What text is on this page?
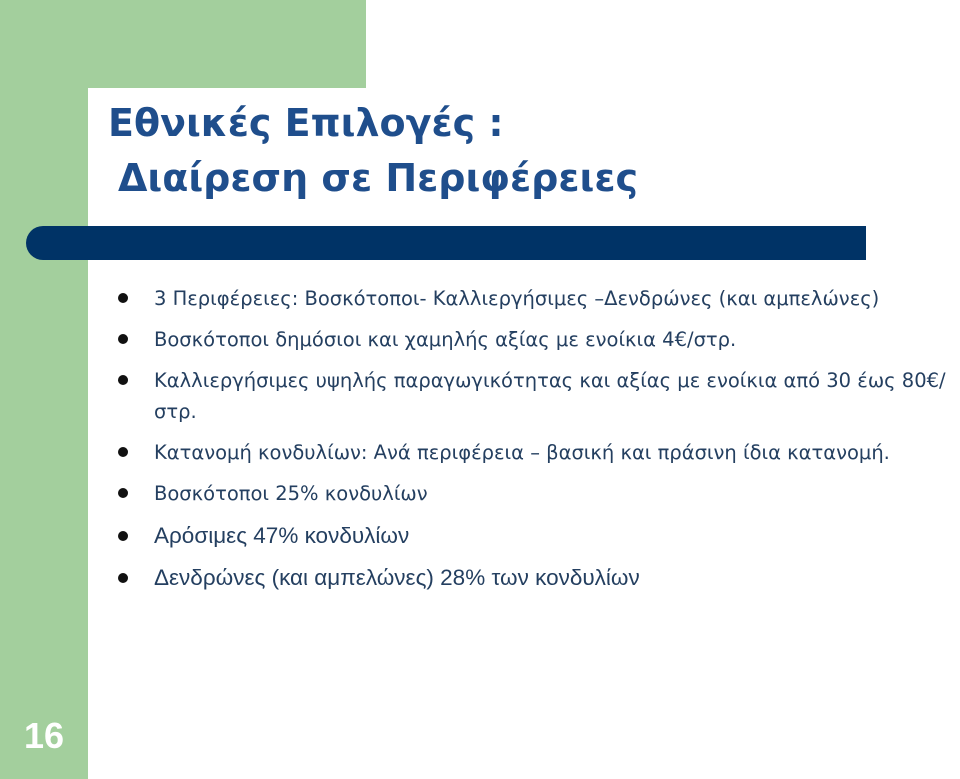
Εθνικές Επιλογές :
Διαίρεση σε Περιφέρειες
3 Περιφέρειες: Βοσκότοποι- Καλλιεργήσιμες –Δενδρώνες (και αμπελώνες)
Βοσκότοποι δημόσιοι και χαμηλής αξίας με ενοίκια 4€/στρ.
Καλλιεργήσιμες υψηλής παραγωγικότητας και αξίας με ενοίκια από 30 έως 80€/στρ.
Κατανομή κονδυλίων: Ανά περιφέρεια – βασική και πράσινη ίδια κατανομή.
Βοσκότοποι 25% κονδυλίων
Αρόσιμες 47% κονδυλίων
Δενδρώνες (και αμπελώνες) 28% των κονδυλίων
16
